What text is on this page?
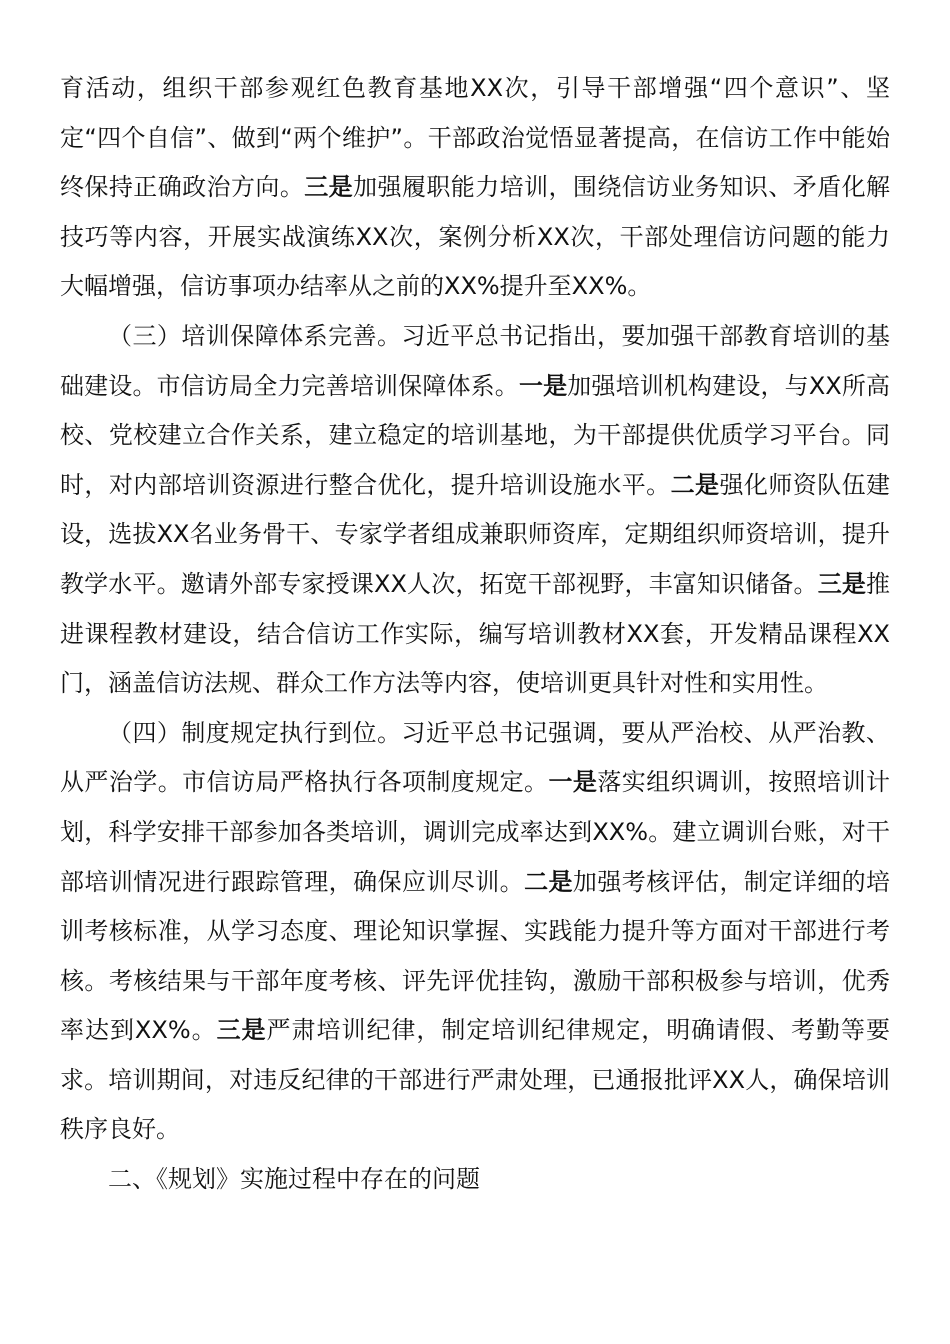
育活动，组织干部参观红色教育基地XX次，引导干部增强“四个意识”、坚定“四个自信”、做到“两个维护”。干部政治觉悟显著提高，在信访工作中能始终保持正确政治方向。三是加强履职能力培训，围绕信访业务知识、矛盾化解技巧等内容，开展实战演练XX次，案例分析XX次，干部处理信访问题的能力大幅增强，信访事项办结率从之前的XX%提升至XX%。

（三）培训保障体系完善。习近平总书记指出，要加强干部教育培训的基础建设。市信访局全力完善培训保障体系。一是加强培训机构建设，与XX所高校、党校建立合作关系，建立稳定的培训基地，为干部提供优质学习平台。同时，对内部培训资源进行整合优化，提升培训设施水平。二是强化师资队伍建设，选拔XX名业务骨干、专家学者组成兼职师资库，定期组织师资培训，提升教学水平。邀请外部专家授课XX人次，拓宽干部视野，丰富知识储备。三是推进课程教材建设，结合信访工作实际，编写培训教材XX套，开发精品课程XX门，涵盖信访法规、群众工作方法等内容，使培训更具针对性和实用性。

（四）制度规定执行到位。习近平总书记强调，要从严治校、从严治教、从严治学。市信访局严格执行各项制度规定。一是落实组织调训，按照培训计划，科学安排干部参加各类培训，调训完成率达到XX%。建立调训台账，对干部培训情况进行跟踪管理，确保应训尽训。二是加强考核评估，制定详细的培训考核标准，从学习态度、理论知识掌握、实践能力提升等方面对干部进行考核。考核结果与干部年度考核、评先评优挂钩，激励干部积极参与培训，优秀率达到XX%。三是严肃培训纪律，制定培训纪律规定，明确请假、考勤等要求。培训期间，对违反纪律的干部进行严肃处理，已通报批评XX人，确保培训秩序良好。

二、《规划》实施过程中存在的问题
